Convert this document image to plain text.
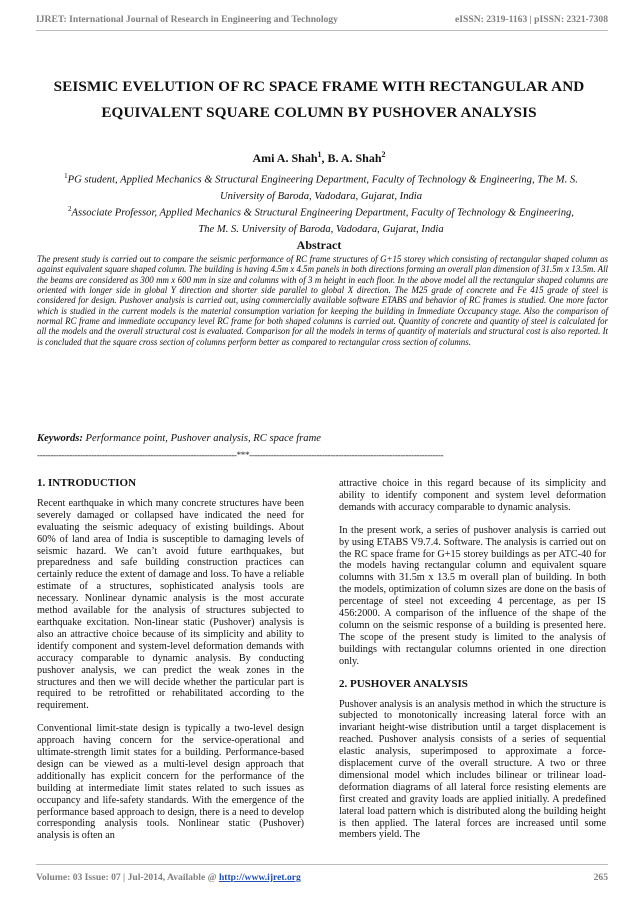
IJRET: International Journal of Research in Engineering and Technology	eISSN: 2319-1163 | pISSN: 2321-7308
SEISMIC EVELUTION OF RC SPACE FRAME WITH RECTANGULAR AND EQUIVALENT SQUARE COLUMN BY PUSHOVER ANALYSIS
Ami A. Shah$^1$, B. A. Shah$^2$
$^1$PG student, Applied Mechanics & Structural Engineering Department, Faculty of Technology & Engineering, The M. S. University of Baroda, Vadodara, Gujarat, India
$^2$Associate Professor, Applied Mechanics & Structural Engineering Department, Faculty of Technology & Engineering, The M. S. University of Baroda, Vadodara, Gujarat, India
Abstract
The present study is carried out to compare the seismic performance of RC frame structures of G+15 storey which consisting of rectangular shaped column as against equivalent square shaped column. The building is having 4.5m x 4.5m panels in both directions forming an overall plan dimension of 31.5m x 13.5m. All the beams are considered as 300 mm x 600 mm in size and columns with of 3 m height in each floor. In the above model all the rectangular shaped columns are oriented with longer side in global Y direction and shorter side parallel to global X direction. The M25 grade of concrete and Fe 415 grade of steel is considered for design. Pushover analysis is carried out, using commercially available software ETABS and behavior of RC frames is studied. One more factor which is studied in the current models is the material consumption variation for keeping the building in Immediate Occupancy stage. Also the comparison of normal RC frame and immediate occupancy level RC frame for both shaped columns is carried out. Quantity of concrete and quantity of steel is calculated for all the models and the overall structural cost is evaluated. Comparison for all the models in terms of quantity of materials and structural cost is also reported. It is concluded that the square cross section of columns perform better as compared to rectangular cross section of columns.
Keywords: Performance point, Pushover analysis, RC space frame
--------------------------------------------------------------------------***------------------------------------------------------------------------
1. INTRODUCTION

Recent earthquake in which many concrete structures have been severely damaged or collapsed have indicated the need for evaluating the seismic adequacy of existing buildings. About 60% of land area of India is susceptible to damaging levels of seismic hazard. We can’t avoid future earthquakes, but preparedness and safe building construction practices can certainly reduce the extent of damage and loss. To have a reliable estimate of a structures, sophisticated analysis tools are necessary. Nonlinear dynamic analysis is the most accurate method available for the analysis of structures subjected to earthquake excitation. Non-linear static (Pushover) analysis is also an attractive choice because of its simplicity and ability to identify component and system-level deformation demands with accuracy comparable to dynamic analysis. By conducting pushover analysis, we can predict the weak zones in the structures and then we will decide whether the particular part is required to be retrofitted or rehabilitated according to the requirement.

Conventional limit-state design is typically a two-level design approach having concern for the service-operational and ultimate-strength limit states for a building. Performance-based design can be viewed as a multi-level design approach that additionally has explicit concern for the performance of the building at intermediate limit states related to such issues as occupancy and life-safety standards. With the emergence of the performance based approach to design, there is a need to develop corresponding analysis tools. Nonlinear static (Pushover) analysis is often an

attractive choice in this regard because of its simplicity and ability to identify component and system level deformation demands with accuracy comparable to dynamic analysis.

In the present work, a series of pushover analysis is carried out by using ETABS V9.7.4. Software. The analysis is carried out on the RC space frame for G+15 storey buildings as per ATC-40 for the models having rectangular column and equivalent square columns with 31.5m x 13.5 m overall plan of building. In both the models, optimization of column sizes are done on the basis of percentage of steel not exceeding 4 percentage, as per IS 456:2000. A comparison of the influence of the shape of the column on the seismic response of a building is presented here. The scope of the present study is limited to the analysis of buildings with rectangular columns oriented in one direction only.

2. PUSHOVER ANALYSIS

Pushover analysis is an analysis method in which the structure is subjected to monotonically increasing lateral force with an invariant height-wise distribution until a target displacement is reached. Pushover analysis consists of a series of sequential elastic analysis, superimposed to approximate a force-displacement curve of the overall structure. A two or three dimensional model which includes bilinear or trilinear load-deformation diagrams of all lateral force resisting elements are first created and gravity loads are applied initially. A predefined lateral load pattern which is distributed along the building height is then applied. The lateral forces are increased until some members yield. The

Volume: 03 Issue: 07 | Jul-2014, Available @ http://www.ijret.org	265
